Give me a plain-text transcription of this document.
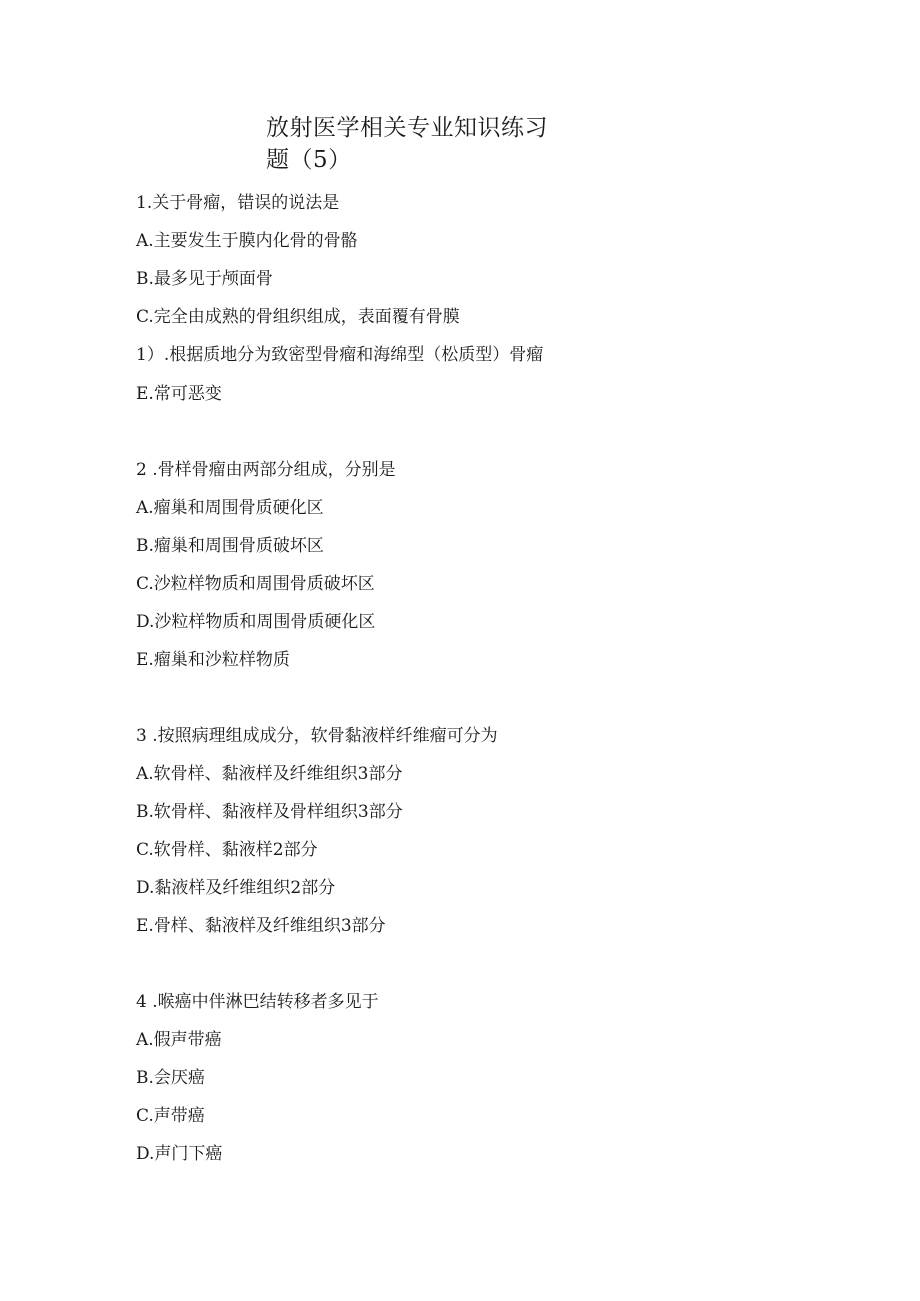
放射医学相关专业知识练习题（5）

1.关于骨瘤，错误的说法是

A.主要发生于膜内化骨的骨骼

B.最多见于颅面骨

C.完全由成熟的骨组织组成，表面覆有骨膜

1）.根据质地分为致密型骨瘤和海绵型（松质型）骨瘤

E.常可恶变

2 .骨样骨瘤由两部分组成，分别是

A.瘤巢和周围骨质硬化区

B.瘤巢和周围骨质破坏区

C.沙粒样物质和周围骨质破坏区

D.沙粒样物质和周围骨质硬化区

E.瘤巢和沙粒样物质

3 .按照病理组成成分，软骨黏液样纤维瘤可分为

A.软骨样、黏液样及纤维组织3部分

B.软骨样、黏液样及骨样组织3部分

C.软骨样、黏液样2部分

D.黏液样及纤维组织2部分

E.骨样、黏液样及纤维组织3部分

4 .喉癌中伴淋巴结转移者多见于

A.假声带癌

B.会厌癌

C.声带癌

D.声门下癌
